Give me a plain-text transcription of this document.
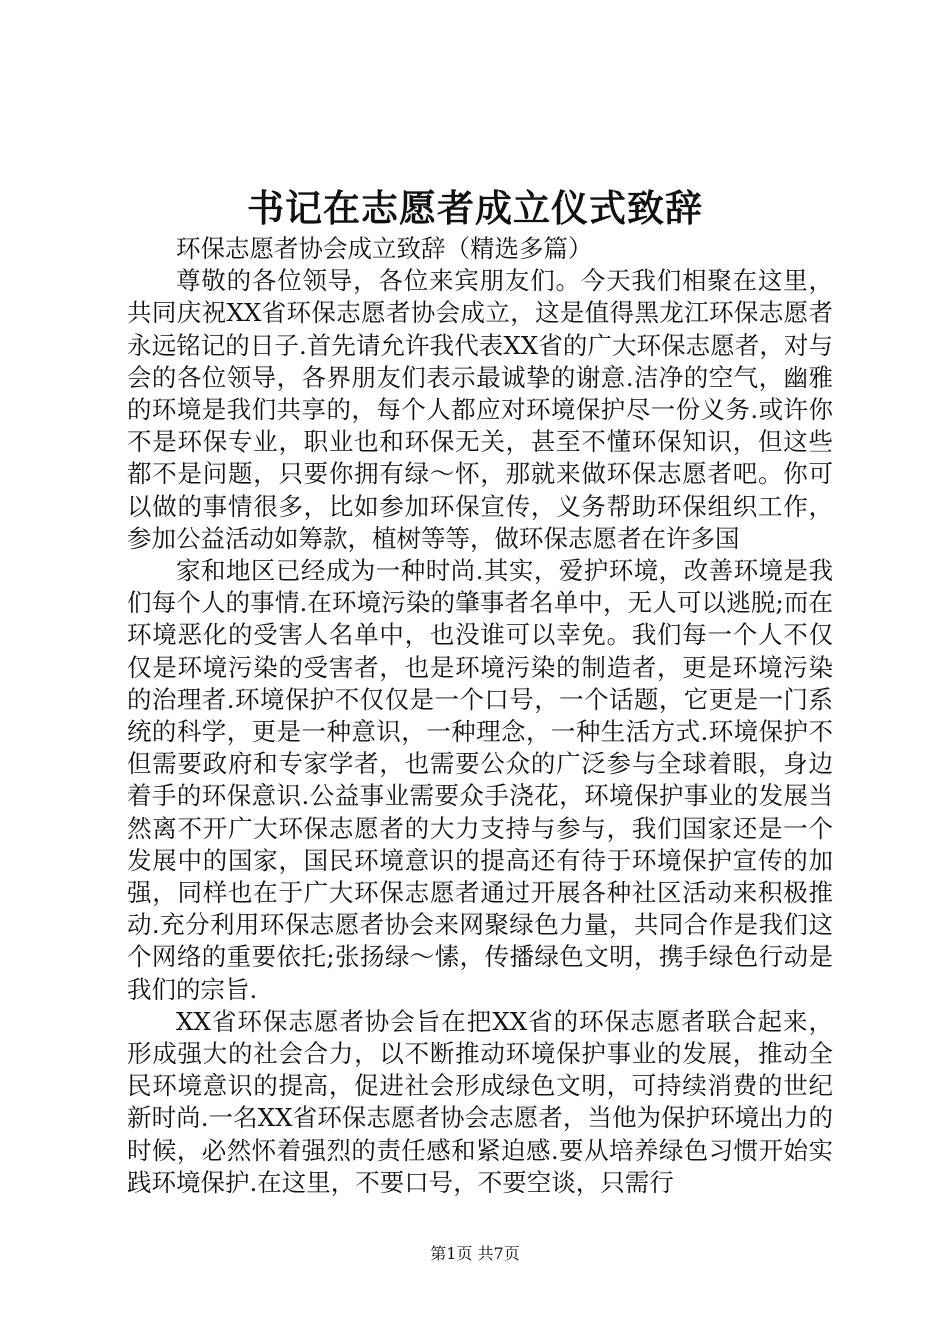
书记在志愿者成立仪式致辞

环保志愿者协会成立致辞（精选多篇）

尊敬的各位领导，各位来宾朋友们。今天我们相聚在这里，共同庆祝XX省环保志愿者协会成立，这是值得黑龙江环保志愿者永远铭记的日子.首先请允许我代表XX省的广大环保志愿者，对与会的各位领导，各界朋友们表示最诚挚的谢意.洁净的空气，幽雅的环境是我们共享的，每个人都应对环境保护尽一份义务.或许你不是环保专业，职业也和环保无关，甚至不懂环保知识，但这些都不是问题，只要你拥有绿～怀，那就来做环保志愿者吧。你可以做的事情很多，比如参加环保宣传，义务帮助环保组织工作，参加公益活动如筹款，植树等等，做环保志愿者在许多国

家和地区已经成为一种时尚.其实，爱护环境，改善环境是我们每个人的事情.在环境污染的肇事者名单中，无人可以逃脱;而在环境恶化的受害人名单中，也没谁可以幸免。我们每一个人不仅仅是环境污染的受害者，也是环境污染的制造者，更是环境污染的治理者.环境保护不仅仅是一个口号，一个话题，它更是一门系统的科学，更是一种意识，一种理念，一种生活方式.环境保护不但需要政府和专家学者，也需要公众的广泛参与全球着眼，身边着手的环保意识.公益事业需要众手浇花，环境保护事业的发展当然离不开广大环保志愿者的大力支持与参与，我们国家还是一个发展中的国家，国民环境意识的提高还有待于环境保护宣传的加强，同样也在于广大环保志愿者通过开展各种社区活动来积极推动.充分利用环保志愿者协会来网聚绿色力量，共同合作是我们这个网络的重要依托;张扬绿～愫，传播绿色文明，携手绿色行动是我们的宗旨.

XX省环保志愿者协会旨在把XX省的环保志愿者联合起来，形成强大的社会合力，以不断推动环境保护事业的发展，推动全民环境意识的提高，促进社会形成绿色文明，可持续消费的世纪新时尚.一名XX省环保志愿者协会志愿者，当他为保护环境出力的时候，必然怀着强烈的责任感和紧迫感.要从培养绿色习惯开始实践环境保护.在这里，不要口号，不要空谈，只需行

第1页 共7页
